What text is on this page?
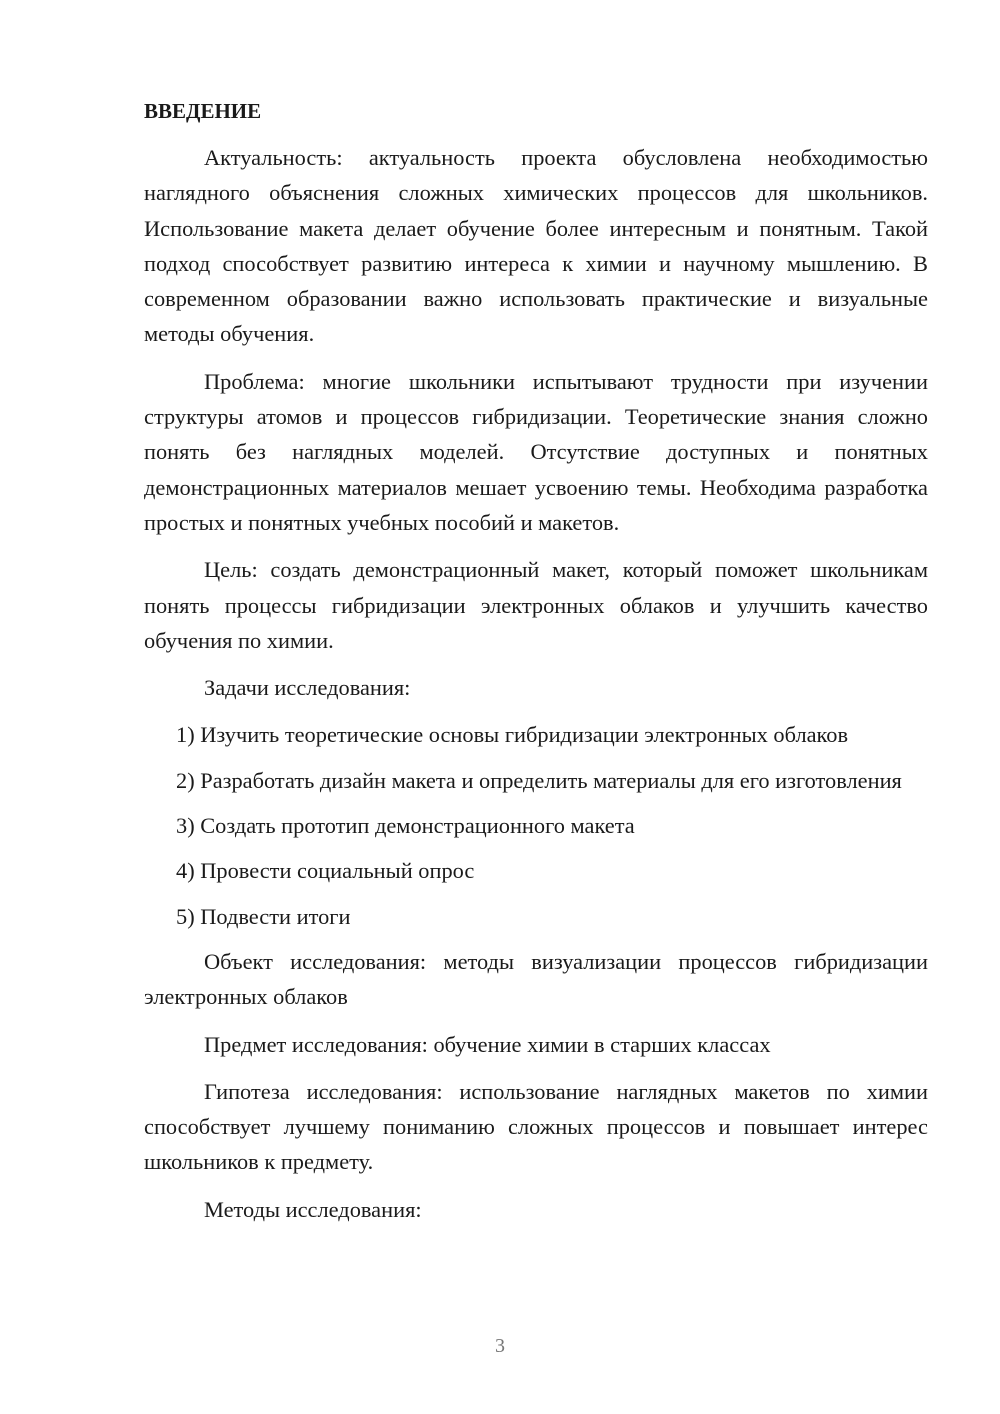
ВВЕДЕНИЕ

Актуальность: актуальность проекта обусловлена необходимостью наглядного объяснения сложных химических процессов для школьников. Использование макета делает обучение более интересным и понятным. Такой подход способствует развитию интереса к химии и научному мышлению. В современном образовании важно использовать практические и визуальные методы обучения.

Проблема: многие школьники испытывают трудности при изучении структуры атомов и процессов гибридизации. Теоретические знания сложно понять без наглядных моделей. Отсутствие доступных и понятных демонстрационных материалов мешает усвоению темы. Необходима разработка простых и понятных учебных пособий и макетов.

Цель: создать демонстрационный макет, который поможет школьникам понять процессы гибридизации электронных облаков и улучшить качество обучения по химии.

Задачи исследования:

1) Изучить теоретические основы гибридизации электронных облаков

2) Разработать дизайн макета и определить материалы для его изготовления

3) Создать прототип демонстрационного макета

4) Провести социальный опрос

5) Подвести итоги

Объект исследования: методы визуализации процессов гибридизации электронных облаков

Предмет исследования: обучение химии в старших классах

Гипотеза исследования: использование наглядных макетов по химии способствует лучшему пониманию сложных процессов и повышает интерес школьников к предмету.

Методы исследования:

3
